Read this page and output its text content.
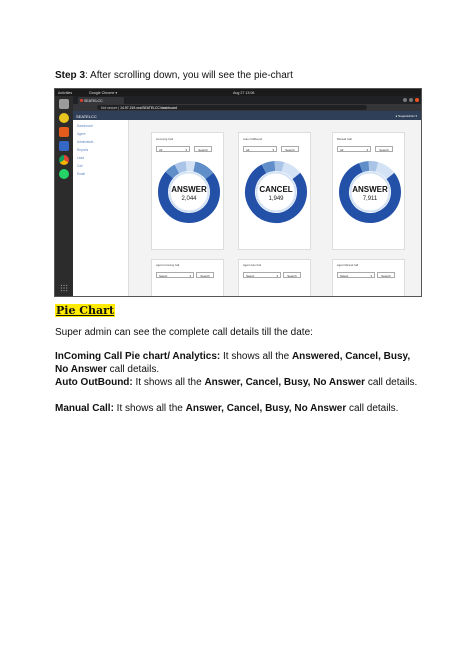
Step 3: After scrolling down, you will see the pie-chart
Activities	Google Chrome ▾	Aug 27 13:08
SEATELCC
Not secure | 14.97.219.xxx/SEATELCC/dashboard
SEATELCC	● SuperAdmin ▾
Dashboard
Agent
Administrat..
Reports
Lead
Call
Email
Incoming Call
All ▾	Search
ANSWER
2,044
Auto OutBound
All ▾	Search
CANCEL
1,949
Manual Call
All ▾	Search
ANSWER
7,911
Agent Incoming Call
Select ▾	Search
Agent Auto Call
Select ▾	Search
Agent Manual Call
Select ▾	Search
Pie Chart
Super admin can see the complete call details till the date:
InComing Call Pie chart/ Analytics: It shows all the Answered, Cancel, Busy, No Answer call details.
Auto OutBound: It shows all the Answer, Cancel, Busy, No Answer call details.
Manual Call: It shows all the Answer, Cancel, Busy, No Answer call details.
